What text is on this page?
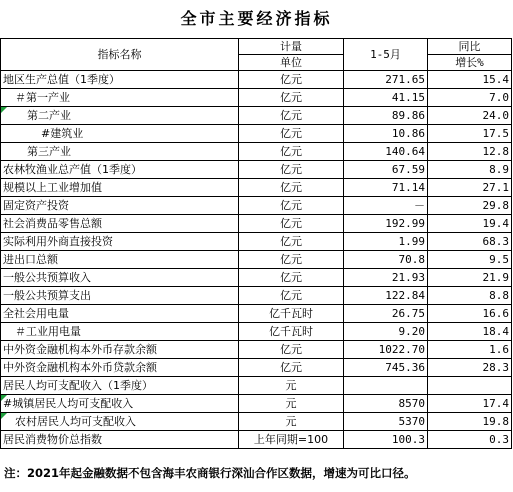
全市主要经济指标
指标名称	计量	1-5月	同比
	单位		增长%
地区生产总值（1季度）	亿元	271.65	15.4
＃第一产业	亿元	41.15	7.0
第二产业	亿元	89.86	24.0
#建筑业	亿元	10.86	17.5
第三产业	亿元	140.64	12.8
农林牧渔业总产值（1季度）	亿元	67.59	8.9
规模以上工业增加值	亿元	71.14	27.1
固定资产投资	亿元	－	29.8
社会消费品零售总额	亿元	192.99	19.4
实际利用外商直接投资	亿元	1.99	68.3
进出口总额	亿元	70.8	9.5
一般公共预算收入	亿元	21.93	21.9
一般公共预算支出	亿元	122.84	8.8
全社会用电量	亿千瓦时	26.75	16.6
＃工业用电量	亿千瓦时	9.20	18.4
中外资金融机构本外币存款余额	亿元	1022.70	1.6
中外资金融机构本外币贷款余额	亿元	745.36	28.3
居民人均可支配收入（1季度）	元		
#城镇居民人均可支配收入	元	8570	17.4
农村居民人均可支配收入	元	5370	19.8
居民消费物价总指数	上年同期=100	100.3	0.3
注：2021年起金融数据不包含海丰农商银行深汕合作区数据，增速为可比口径。
